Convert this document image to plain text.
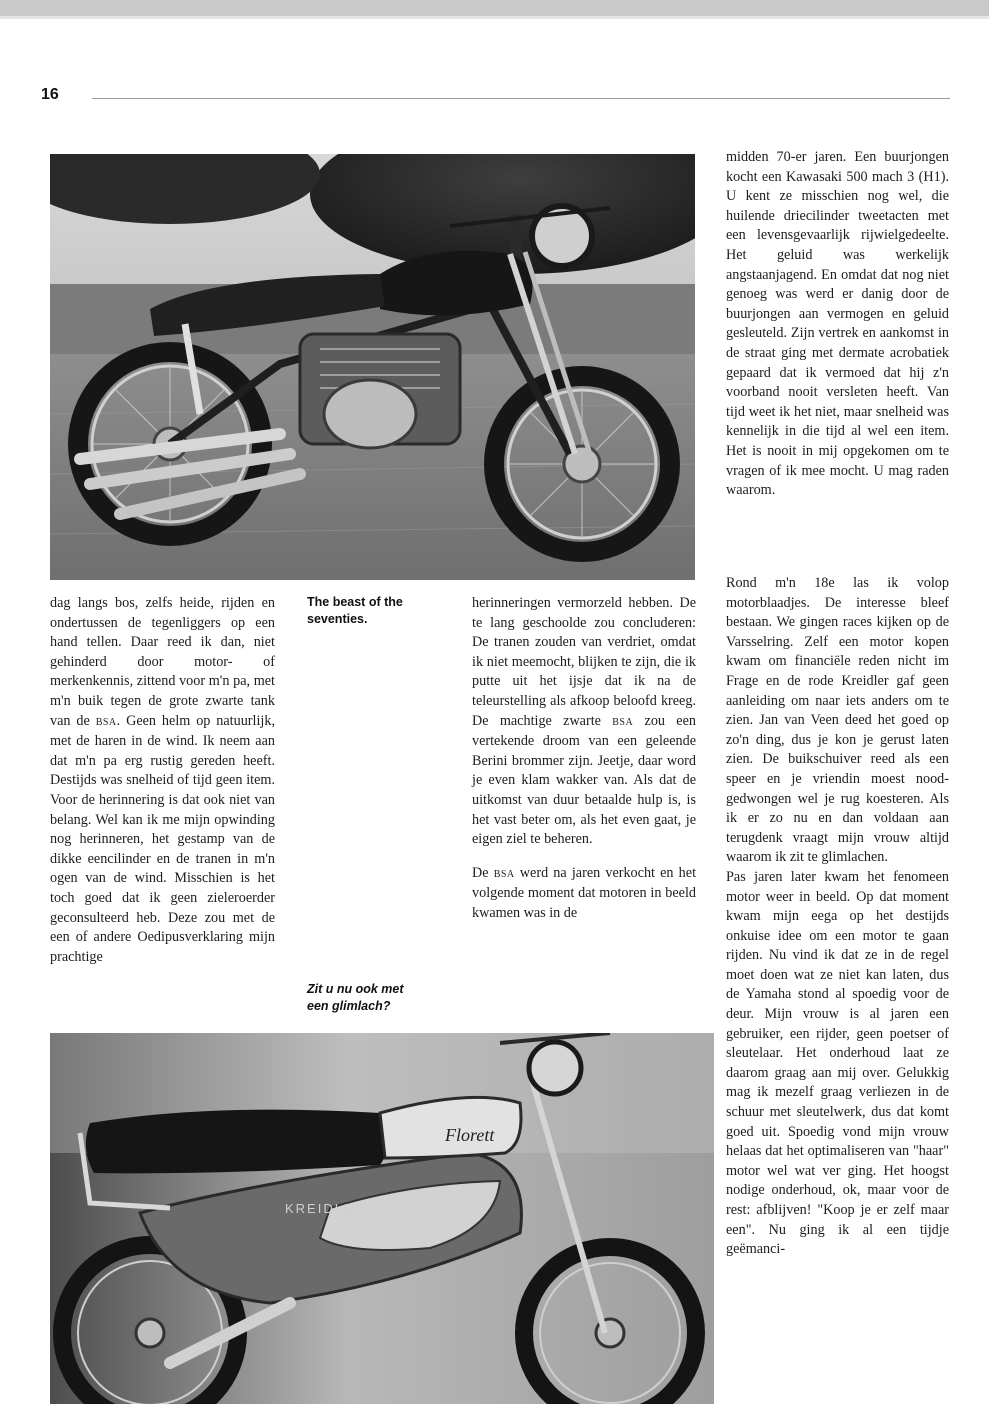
16

midden 70-er jaren. Een buurjongen kocht een Kawasaki 500 mach 3 (H1). U kent ze misschien nog wel, die huilende driecilinder tweetacten met een levensgevaarlijk rijwielgedeelte. Het geluid was werkelijk angstaanjagend. En omdat dat nog niet genoeg was werd er danig door de buurjongen aan vermogen en geluid gesleuteld. Zijn vertrek en aankomst in de straat ging met dermate acrobatiek gepaard dat ik vermoed dat hij z'n voorband nooit versleten heeft. Van tijd weet ik het niet, maar snelheid was kennelijk in die tijd al wel een item. Het is nooit in mij opgekomen om te vragen of ik mee mocht. U mag raden waarom.

dag langs bos, zelfs heide, rijden en ondertussen de tegenliggers op een hand tellen. Daar reed ik dan, niet gehinderd door motor- of merkenkennis, zittend voor m'n pa, met m'n buik tegen de grote zwarte tank van de BSA. Geen helm op natuurlijk, met de haren in de wind. Ik neem aan dat m'n pa erg rustig gereden heeft. Destijds was snelheid of tijd geen item. Voor de herinnering is dat ook niet van belang. Wel kan ik me mijn opwinding nog herinneren, het gestamp van de dikke eencilinder en de tranen in m'n ogen van de wind. Misschien is het toch goed dat ik geen zieleroerder geconsulteerd heb. Deze zou met de een of andere Oedipusverklaring mijn prachtige

The beast of the seventies.
Zit u nu ook met een glimlach?

herinneringen vermorzeld hebben. De te lang geschoolde zou concluderen: De tranen zouden van verdriet, omdat ik niet meemocht, blijken te zijn, die ik putte uit het ijsje dat ik na de teleurstelling als afkoop beloofd kreeg. De machtige zwarte BSA zou een vertekende droom van een geleende Berini brommer zijn. Jeetje, daar word je even klam wakker van. Als dat de uitkomst van duur betaalde hulp is, is het vast beter om, als het even gaat, je eigen ziel te beheren.

De BSA werd na jaren verkocht en het volgende moment dat motoren in beeld kwamen was in de

Rond m'n 18e las ik volop motorblaadjes. De interesse bleef bestaan. We gingen races kijken op de Varsselring. Zelf een motor kopen kwam om financiële reden nicht im Frage en de rode Kreidler gaf geen aanleiding om naar iets anders om te zien. Jan van Veen deed het goed op zo'n ding, dus je kon je gerust laten zien. De buikschuiver reed als een speer en je vriendin moest nood-gedwongen wel je rug koesteren. Als ik er zo nu en dan voldaan aan terugdenk vraagt mijn vrouw altijd waarom ik zit te glimlachen.

Pas jaren later kwam het fenomeen motor weer in beeld. Op dat moment kwam mijn eega op het destijds onkuise idee om een motor te gaan rijden. Nu vind ik dat ze in de regel moet doen wat ze niet kan laten, dus de Yamaha stond al spoedig voor de deur. Mijn vrouw is al jaren een gebruiker, een rijder, geen poetser of sleutelaar. Het onderhoud laat ze daarom graag aan mij over. Gelukkig mag ik mezelf graag verliezen in de schuur met sleutelwerk, dus dat komt goed uit. Spoedig vond mijn vrouw helaas dat het optimaliseren van "haar" motor wel wat ver ging. Het hoogst nodige onderhoud, ok, maar voor de rest: afblijven! "Koop je er zelf maar een". Nu ging ik al een tijdje geëmanci-

Florett
KREIDLER
